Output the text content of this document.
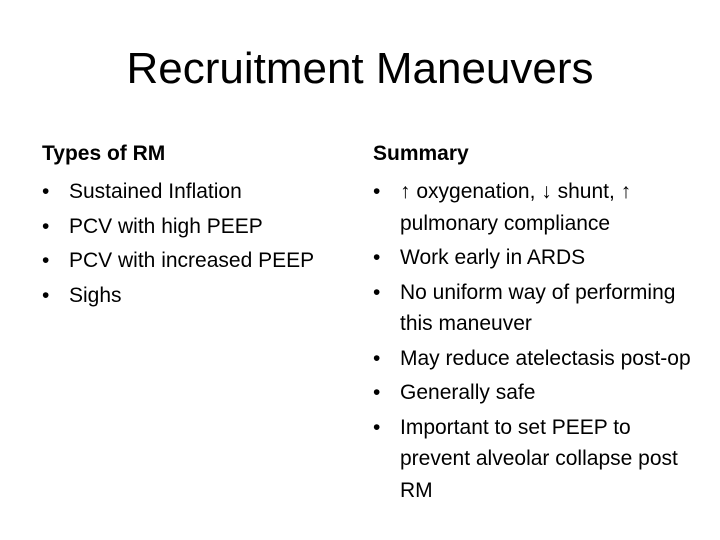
Recruitment Maneuvers
Types of RM
• Sustained Inflation
• PCV with high PEEP
• PCV with increased PEEP
• Sighs
Summary
• ↑ oxygenation, ↓ shunt, ↑ pulmonary compliance
• Work early in ARDS
• No uniform way of performing this maneuver
• May reduce atelectasis post-op
• Generally safe
• Important to set PEEP to prevent alveolar collapse post RM
